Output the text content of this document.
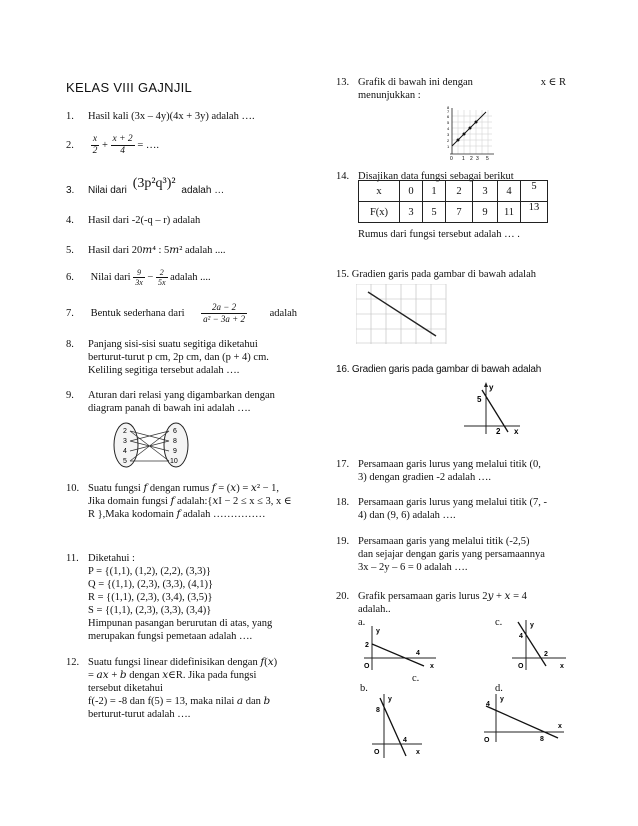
KELAS VIII GAJNJIL
1. Hasil kali (3x – 4y)(4x + 3y) adalah ….
2. $\frac{x}{2} + \frac{x + 2}{4}$ = ….
3. Nilai dari (3p²q³)² adalah …
4. Hasil dari -2(-q – r) adalah
5. Hasil dari 20𝑚⁴ : 5𝑚² adalah ....
6. Nilai dari $\frac{9}{3x} - \frac{2}{5x}$ adalah ....
7. Bentuk sederhana dari $\frac{2a - 2}{\text{a² − 3a + 2}}$ adalah
8. Panjang sisi-sisi suatu segitiga diketahui
berturut-turut p cm, 2p cm, dan (p + 4) cm.
Keliling segitiga tersebut adalah ….
9. Aturan dari relasi yang digambarkan dengan
diagram panah di bawah ini adalah ….
2
3
4
5
6
8
9
10
10. Suatu fungsi 𝑓 dengan rumus 𝑓 = (𝑥) = 𝑥² − 1,
Jika domain fungsi 𝑓 adalah:{𝑥I − 2 ≤ x ≤ 3, x ∈
R },Maka kodomain 𝑓 adalah ……………
11. Diketahui :
P = {(1,1), (1,2), (2,2), (3,3)}
Q = {(1,1), (2,3), (3,3), (4,1)}
R = {(1,1), (2,3), (3,4), (3,5)}
S = {(1,1), (2,3), (3,3), (3,4)}
Himpunan pasangan berurutan di atas, yang
merupakan fungsi pemetaan adalah ….
12. Suatu fungsi linear didefinisikan dengan 𝑓(𝑥)
= 𝑎𝑥 + 𝑏 dengan 𝑥∈R. Jika pada fungsi
tersebut diketahui
f(-2) = -8 dan f(5) = 13, maka nilai 𝑎 dan 𝑏
berturut-turut adalah ….
13. Grafik di bawah ini dengan	x ∈ R
menunjukkan :
1
2
3
4
5
6
7
8
0 1 2 3 5
14. Disajikan data fungsi sebagai berikut
x	0	1	2	3	4	5
F(x)	3	5	7	9	11	13
Rumus dari fungsi tersebut adalah … .
15. Gradien garis pada gambar di bawah adalah
16. Gradien garis pada gambar di bawah adalah
y
5
2 x
17. Persamaan garis lurus yang melalui titik (0,
3) dengan gradien -2 adalah ….
18. Persamaan garis lurus yang melalui titik (7, -
4) dan (9, 6) adalah ….
19. Persamaan garis yang melalui titik (-2,5)
dan sejajar dengan garis yang persamaannya
3x – 2y – 6 = 0 adalah ….
20. Grafik persamaan garis lurus 2𝑦 + 𝑥 = 4
adalah..
a.	c.
c.
b.	d.
y
2
4
O	x
y
4
2
O	x
y
8
4
O	x
y
4
8
O
x
